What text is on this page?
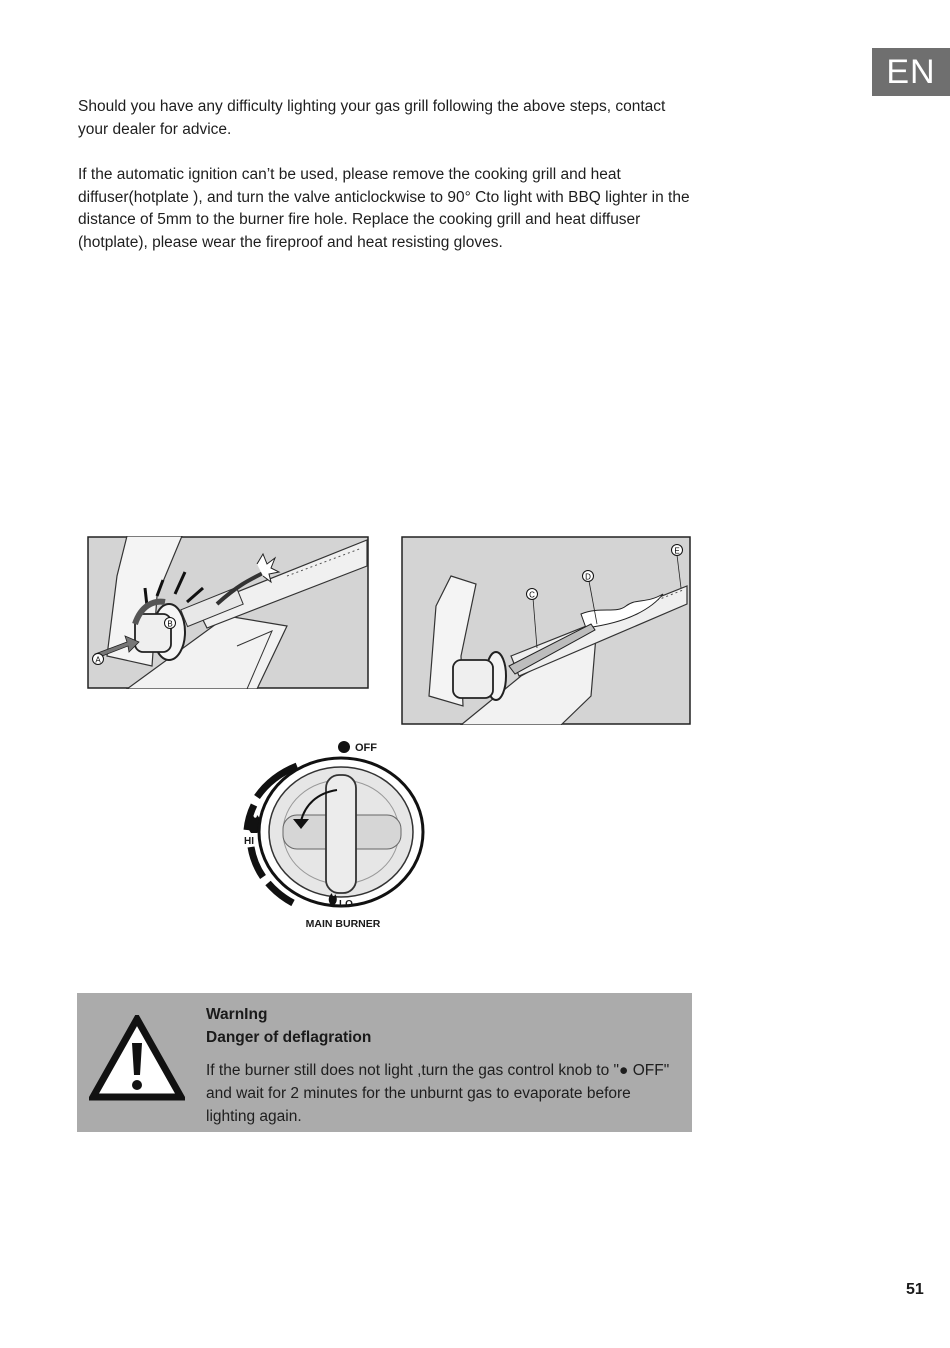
EN

Should you have any difficulty lighting your gas grill following the above steps, contact your dealer for advice.

If the automatic ignition can’t be used, please remove the cooking grill and heat diffuser(hotplate ), and turn the valve anticlockwise to 90° Cto light with BBQ lighter in the distance of 5mm to the burner fire hole. Replace the cooking grill and heat diffuser (hotplate), please wear the fireproof and heat resisting gloves.

A
B
C
D
E
OFF
HI
LO
MAIN BURNER
WarnIng
Danger of deflagration

If the burner still does not light ,turn the gas control knob to "● OFF" and wait for 2 minutes for the unburnt gas to evaporate before lighting again.

51
